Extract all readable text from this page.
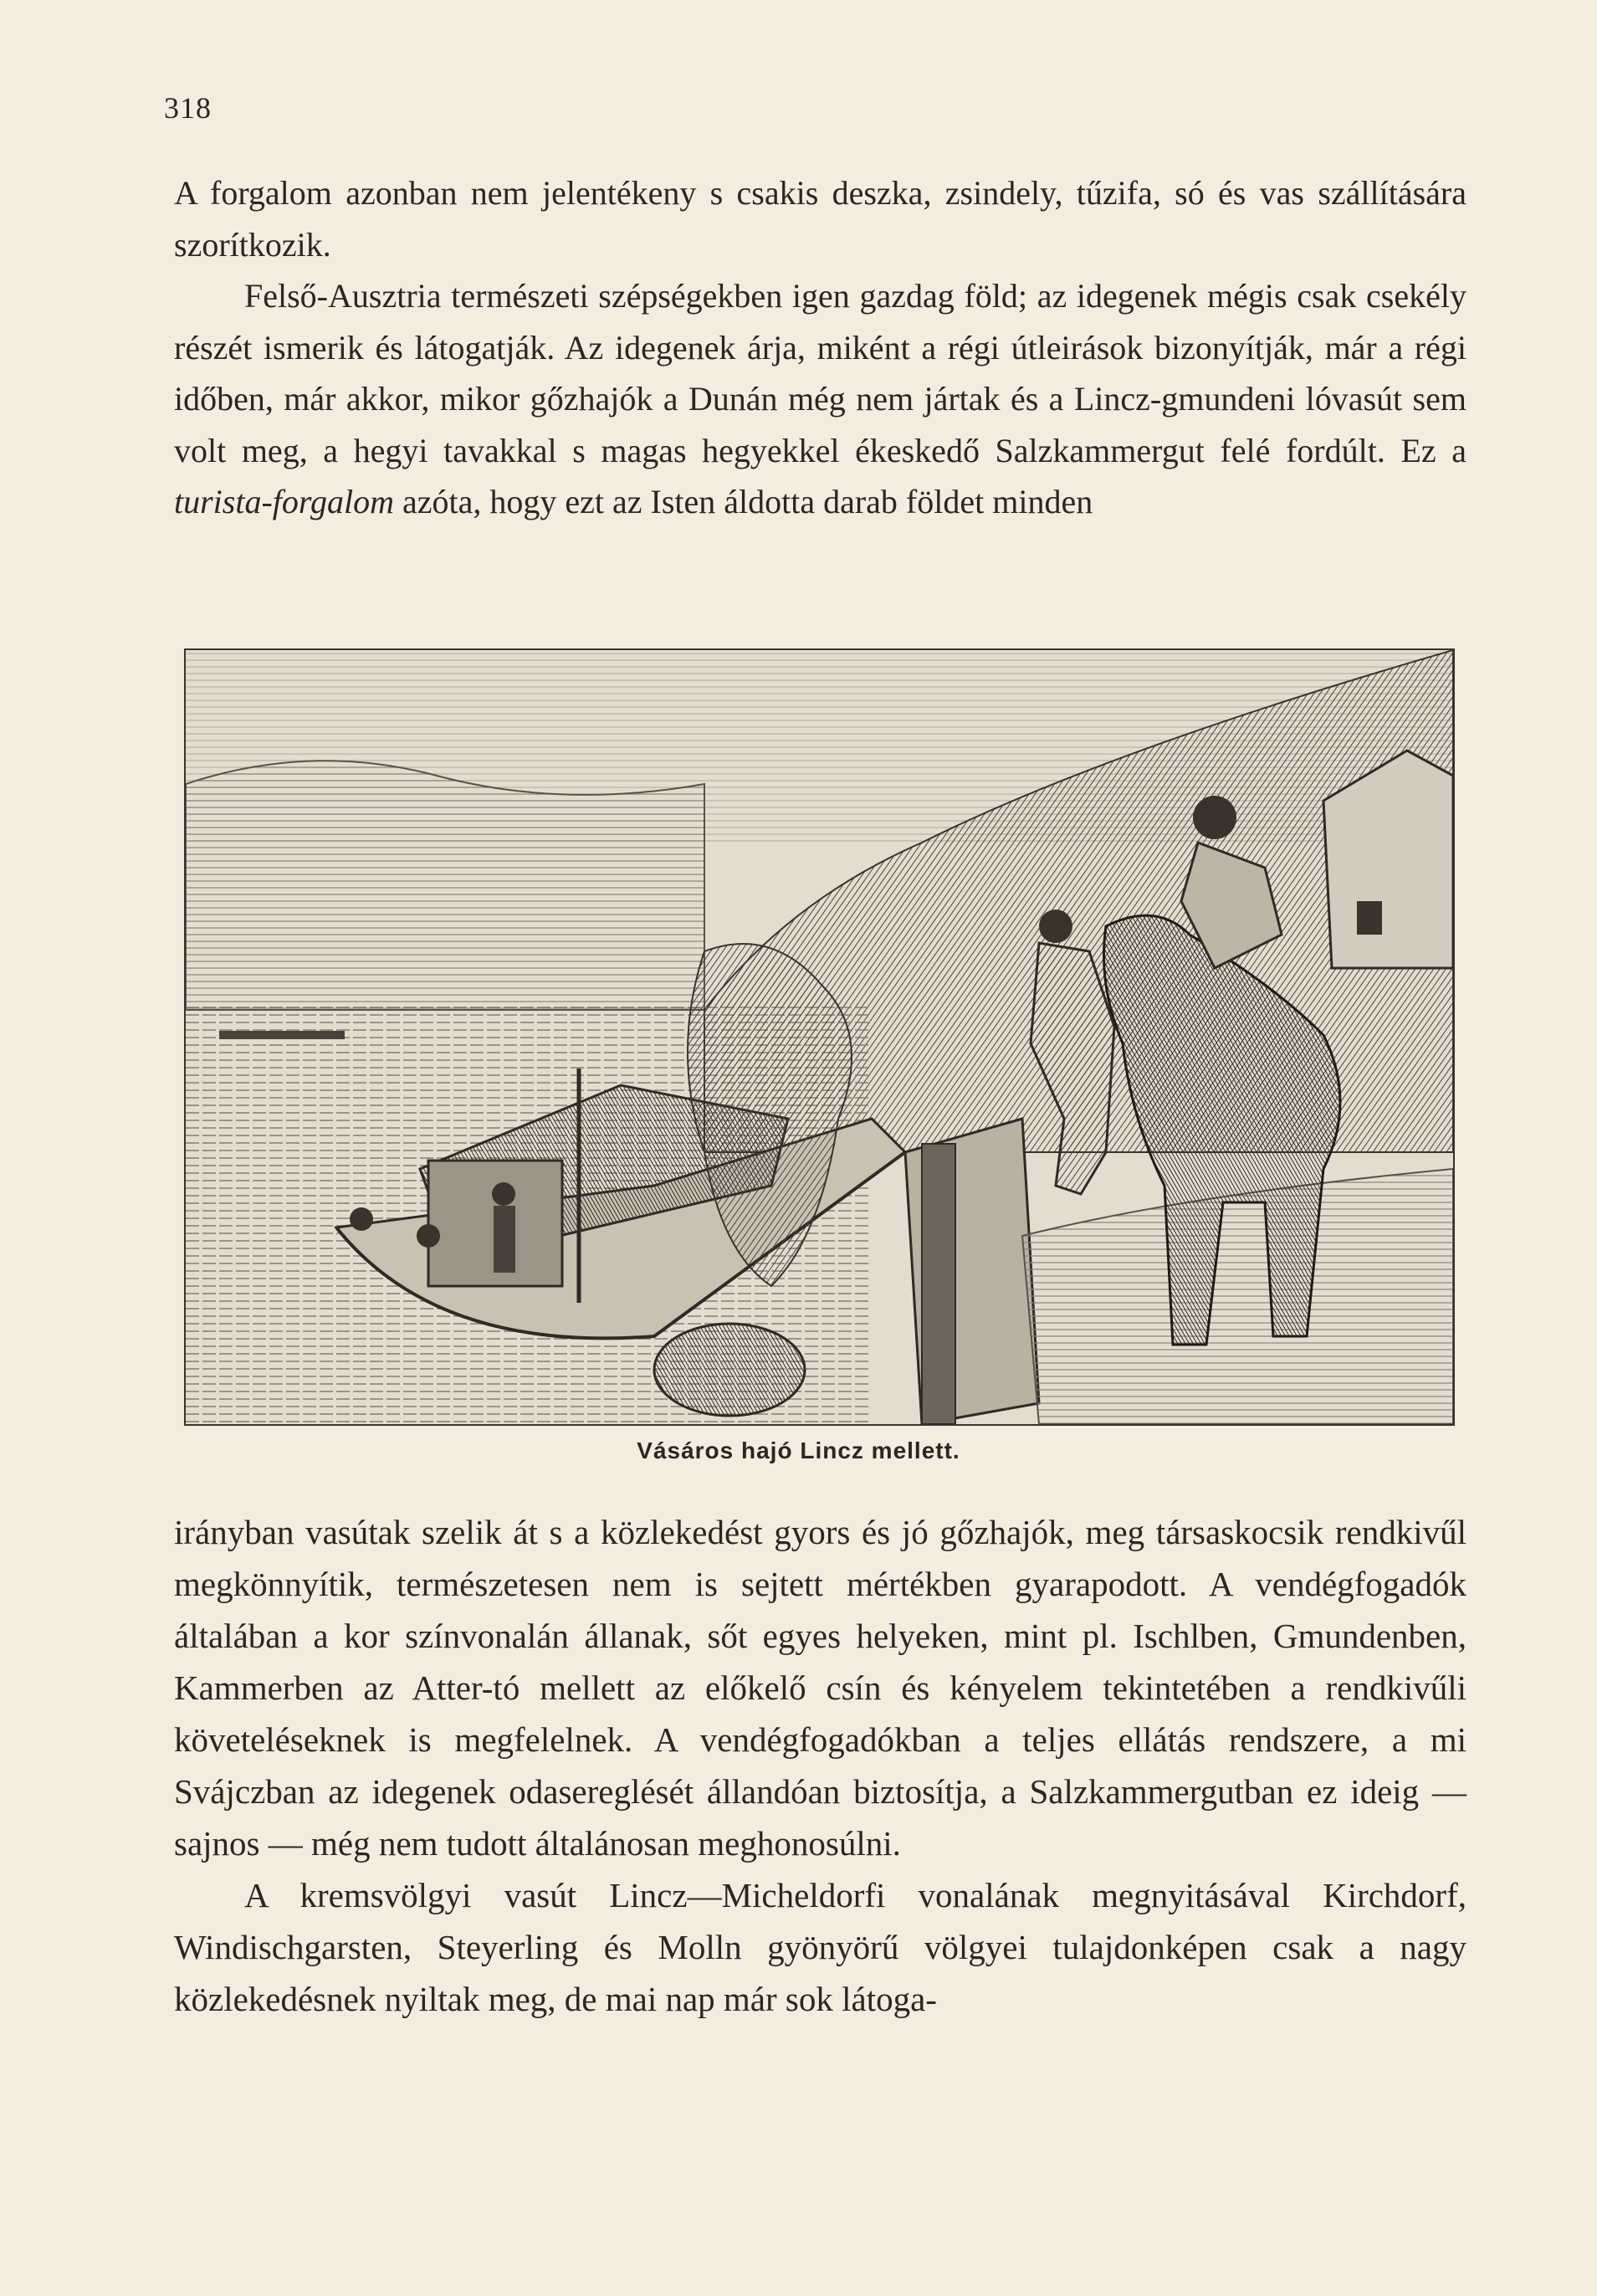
318

A forgalom azonban nem jelentékeny s csakis deszka, zsindely, tűzifa, só és vas szállítására szorítkozik.

Felső-Ausztria természeti szépségekben igen gazdag föld; az idegenek mégis csak csekély részét ismerik és látogatják. Az idegenek árja, miként a régi útleirások bizonyítják, már a régi időben, már akkor, mikor gőzhajók a Dunán még nem jártak és a Lincz-gmundeni lóvasút sem volt meg, a hegyi tavakkal s magas hegyekkel ékeskedő Salzkammergut felé fordúlt. Ez a turista-forgalom azóta, hogy ezt az Isten áldotta darab földet minden

Vásáros hajó Lincz mellett.

irányban vasútak szelik át s a közlekedést gyors és jó gőzhajók, meg társaskocsik rendkivűl megkönnyítik, természetesen nem is sejtett mértékben gyarapodott. A vendégfogadók általában a kor színvonalán állanak, sőt egyes helyeken, mint pl. Ischlben, Gmundenben, Kammerben az Atter-tó mellett az előkelő csín és kényelem tekintetében a rendkivűli követeléseknek is megfelelnek. A vendégfogadókban a teljes ellátás rendszere, a mi Svájczban az idegenek odasereglését állandóan biztosítja, a Salzkammergutban ez ideig — sajnos — még nem tudott általánosan meghonosúlni.

A kremsvölgyi vasút Lincz—Micheldorfi vonalának megnyitásával Kirchdorf, Windischgarsten, Steyerling és Molln gyönyörű völgyei tulajdonképen csak a nagy közlekedésnek nyiltak meg, de mai nap már sok látoga-
